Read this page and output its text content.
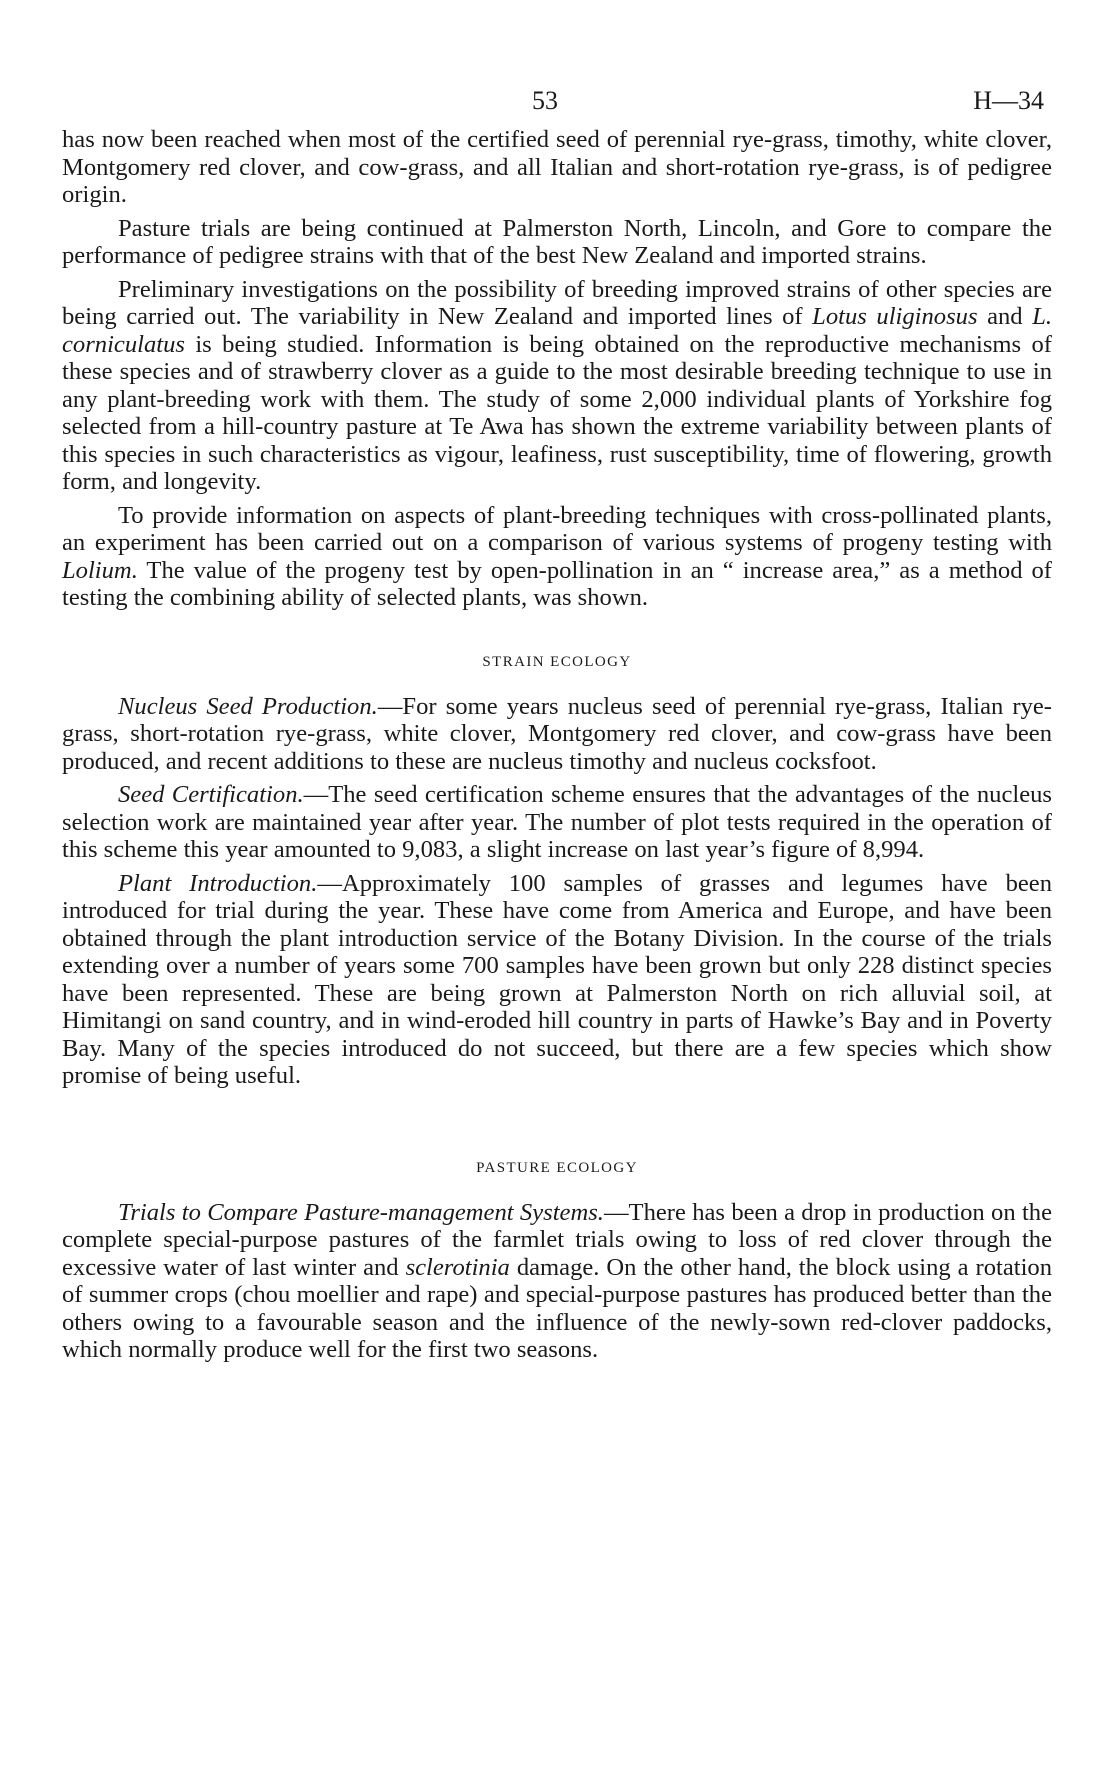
53	H—34

has now been reached when most of the certified seed of perennial rye-grass, timothy, white clover, Montgomery red clover, and cow-grass, and all Italian and short-rotation rye-grass, is of pedigree origin.

Pasture trials are being continued at Palmerston North, Lincoln, and Gore to compare the performance of pedigree strains with that of the best New Zealand and imported strains.

Preliminary investigations on the possibility of breeding improved strains of other species are being carried out. The variability in New Zealand and imported lines of Lotus uliginosus and L. corniculatus is being studied. Information is being obtained on the reproductive mechanisms of these species and of strawberry clover as a guide to the most desirable breeding technique to use in any plant-breeding work with them. The study of some 2,000 individual plants of Yorkshire fog selected from a hill-country pasture at Te Awa has shown the extreme variability between plants of this species in such characteristics as vigour, leafiness, rust susceptibility, time of flowering, growth form, and longevity.

To provide information on aspects of plant-breeding techniques with cross-pollinated plants, an experiment has been carried out on a comparison of various systems of progeny testing with Lolium. The value of the progeny test by open-pollination in an “ increase area,” as a method of testing the combining ability of selected plants, was shown.

STRAIN ECOLOGY

Nucleus Seed Production.—For some years nucleus seed of perennial rye-grass, Italian rye-grass, short-rotation rye-grass, white clover, Montgomery red clover, and cow-grass have been produced, and recent additions to these are nucleus timothy and nucleus cocksfoot.

Seed Certification.—The seed certification scheme ensures that the advantages of the nucleus selection work are maintained year after year. The number of plot tests required in the operation of this scheme this year amounted to 9,083, a slight increase on last year’s figure of 8,994.

Plant Introduction.—Approximately 100 samples of grasses and legumes have been introduced for trial during the year. These have come from America and Europe, and have been obtained through the plant introduction service of the Botany Division. In the course of the trials extending over a number of years some 700 samples have been grown but only 228 distinct species have been represented. These are being grown at Palmerston North on rich alluvial soil, at Himitangi on sand country, and in wind-eroded hill country in parts of Hawke’s Bay and in Poverty Bay. Many of the species introduced do not succeed, but there are a few species which show promise of being useful.

PASTURE ECOLOGY

Trials to Compare Pasture-management Systems.—There has been a drop in production on the complete special-purpose pastures of the farmlet trials owing to loss of red clover through the excessive water of last winter and sclerotinia damage. On the other hand, the block using a rotation of summer crops (chou moellier and rape) and special-purpose pastures has produced better than the others owing to a favourable season and the influence of the newly-sown red-clover paddocks, which normally produce well for the first two seasons.
